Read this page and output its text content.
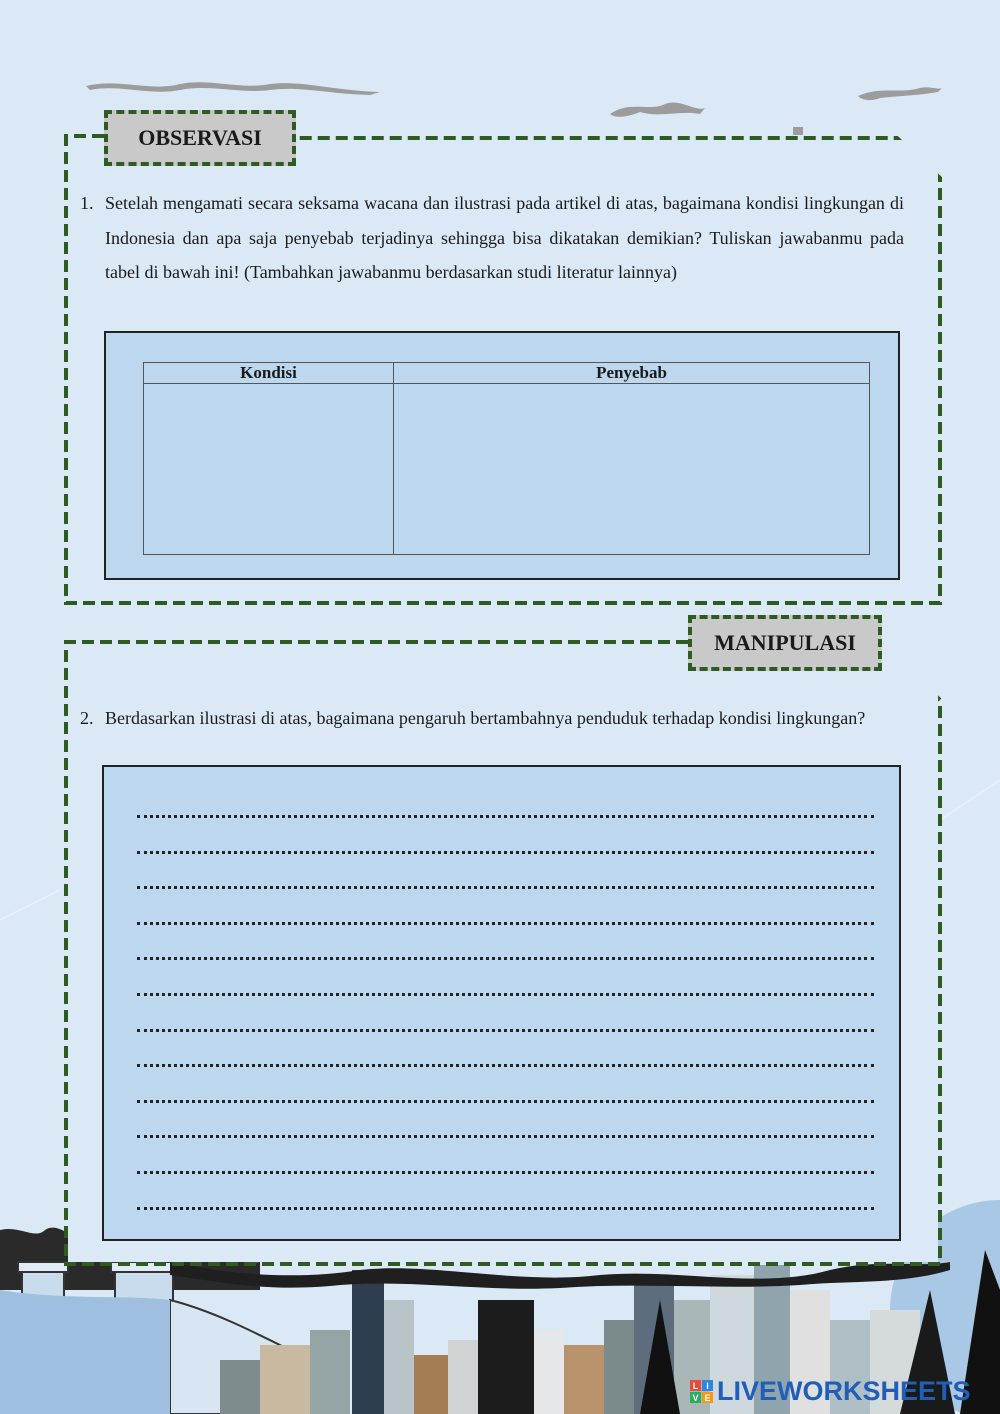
OBSERVASI
1. Setelah mengamati secara seksama wacana dan ilustrasi pada artikel di atas, bagaimana kondisi lingkungan di Indonesia dan apa saja penyebab terjadinya sehingga bisa dikatakan demikian? Tuliskan jawabanmu pada tabel di bawah ini! (Tambahkan jawabanmu berdasarkan studi literatur lainnya)
Kondisi	Penyebab

MANIPULASI
2. Berdasarkan ilustrasi di atas, bagaimana pengaruh bertambahnya penduduk terhadap kondisi lingkungan?
L I
V E LIVEWORKSHEETS
